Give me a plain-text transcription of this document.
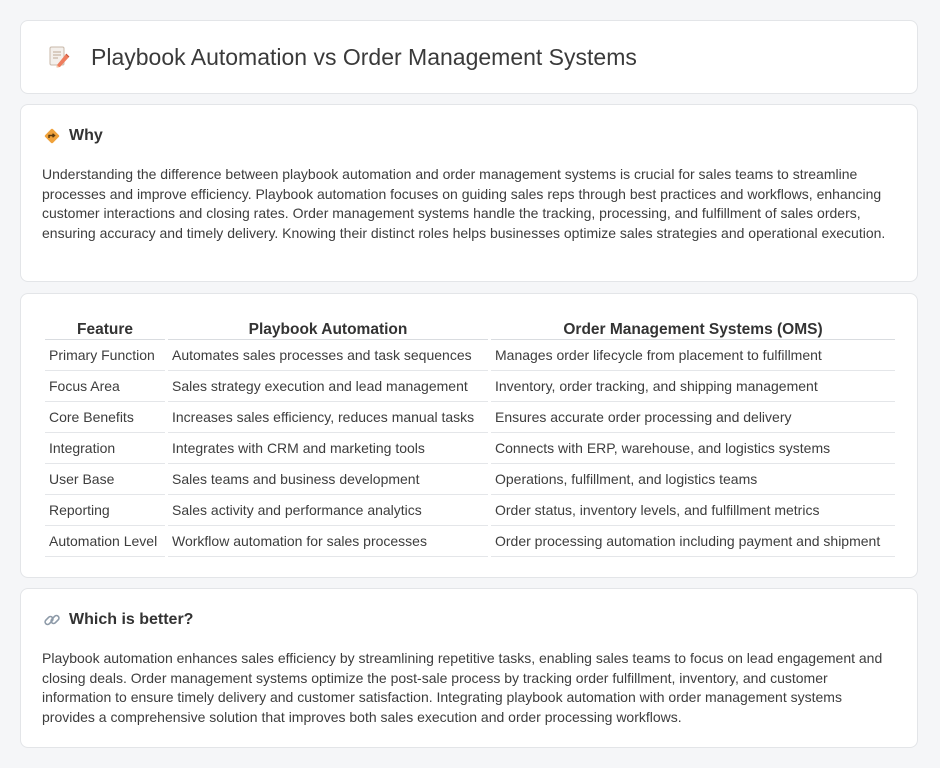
Playbook Automation vs Order Management Systems
Why

Understanding the difference between playbook automation and order management systems is crucial for sales teams to streamline processes and improve efficiency. Playbook automation focuses on guiding sales reps through best practices and workflows, enhancing customer interactions and closing rates. Order management systems handle the tracking, processing, and fulfillment of sales orders, ensuring accuracy and timely delivery. Knowing their distinct roles helps businesses optimize sales strategies and operational execution.

Feature	Playbook Automation	Order Management Systems (OMS)
Primary Function	Automates sales processes and task sequences	Manages order lifecycle from placement to fulfillment
Focus Area	Sales strategy execution and lead management	Inventory, order tracking, and shipping management
Core Benefits	Increases sales efficiency, reduces manual tasks	Ensures accurate order processing and delivery
Integration	Integrates with CRM and marketing tools	Connects with ERP, warehouse, and logistics systems
User Base	Sales teams and business development	Operations, fulfillment, and logistics teams
Reporting	Sales activity and performance analytics	Order status, inventory levels, and fulfillment metrics
Automation Level	Workflow automation for sales processes	Order processing automation including payment and shipment
Which is better?

Playbook automation enhances sales efficiency by streamlining repetitive tasks, enabling sales teams to focus on lead engagement and closing deals. Order management systems optimize the post-sale process by tracking order fulfillment, inventory, and customer information to ensure timely delivery and customer satisfaction. Integrating playbook automation with order management systems provides a comprehensive solution that improves both sales execution and order processing workflows.
